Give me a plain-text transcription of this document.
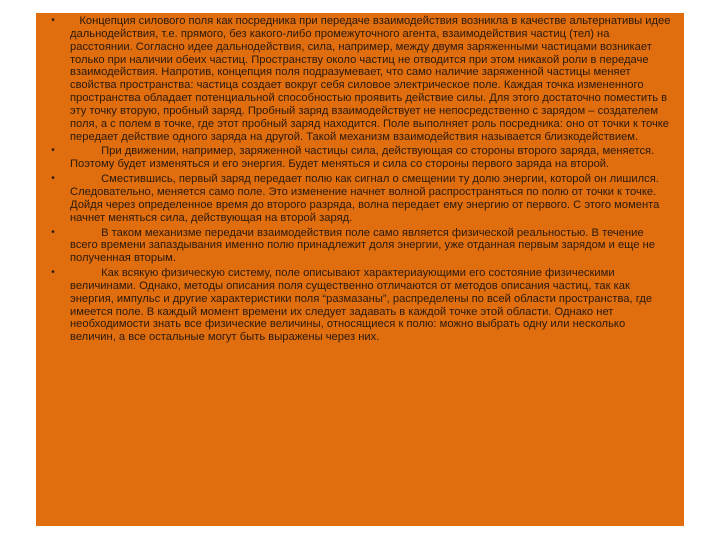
•	Концепция силового поля как посредника при передаче взаимодействия возникла в качестве альтернативы идее дальнодействия, т.е. прямого, без какого-либо промежуточного агента, взаимодействия частиц (тел) на расстоянии. Согласно идее дальнодействия, сила, например, между двумя заряженными частицами возникает только при наличии обеих частиц. Пространству около частиц не отводится при этом никакой роли в передаче взаимодействия. Напротив, концепция поля подразумевает, что само наличие заряженной частицы меняет свойства пространства: частица создает вокруг себя силовое электрическое поле. Каждая точка измененного пространства обладает потенциальной способностью проявить действие силы. Для этого достаточно поместить в эту точку вторую, пробный заряд. Пробный заряд взаимодействует не непосредственно с зарядом – создателем поля, а с полем в точке, где этот пробный заряд находится. Поле выполняет роль посредника: оно от точки к точке передает действие одного заряда на другой. Такой механизм взаимодействия называется близкодействием.
•	При движении, например, заряженной частицы сила, действующая со стороны второго заряда, меняется. Поэтому будет изменяться и его энергия. Будет меняться и сила со стороны первого заряда на второй.
•	Сместившись, первый заряд передает полю как сигнал о смещении ту долю энергии, которой он лишился. Следовательно, меняется само поле. Это изменение начнет волной распространяться по полю от точки к точке. Дойдя через определенное время до второго разряда, волна передает ему энергию от первого. С этого момента начнет меняться сила, действующая на второй заряд.
•	В таком механизме передачи взаимодействия поле само является физической реальностью. В течение всего времени запаздывания именно полю принадлежит доля энергии, уже отданная первым зарядом и еще не полученная вторым.
•	Как всякую физическую систему, поле описывают характериаующими его состояние физическими величинами. Однако, методы описания поля существенно отличаются от методов описания частиц, так как энергия, импульс и другие характеристики поля “размазаны”, распределены по всей области пространства, где имеется поле. В каждый момент времени их следует задавать в каждой точке этой области. Однако нет необходимости знать все физические величины, относящиеся к полю: можно выбрать одну или несколько величин, а все остальные могут быть выражены через них.
